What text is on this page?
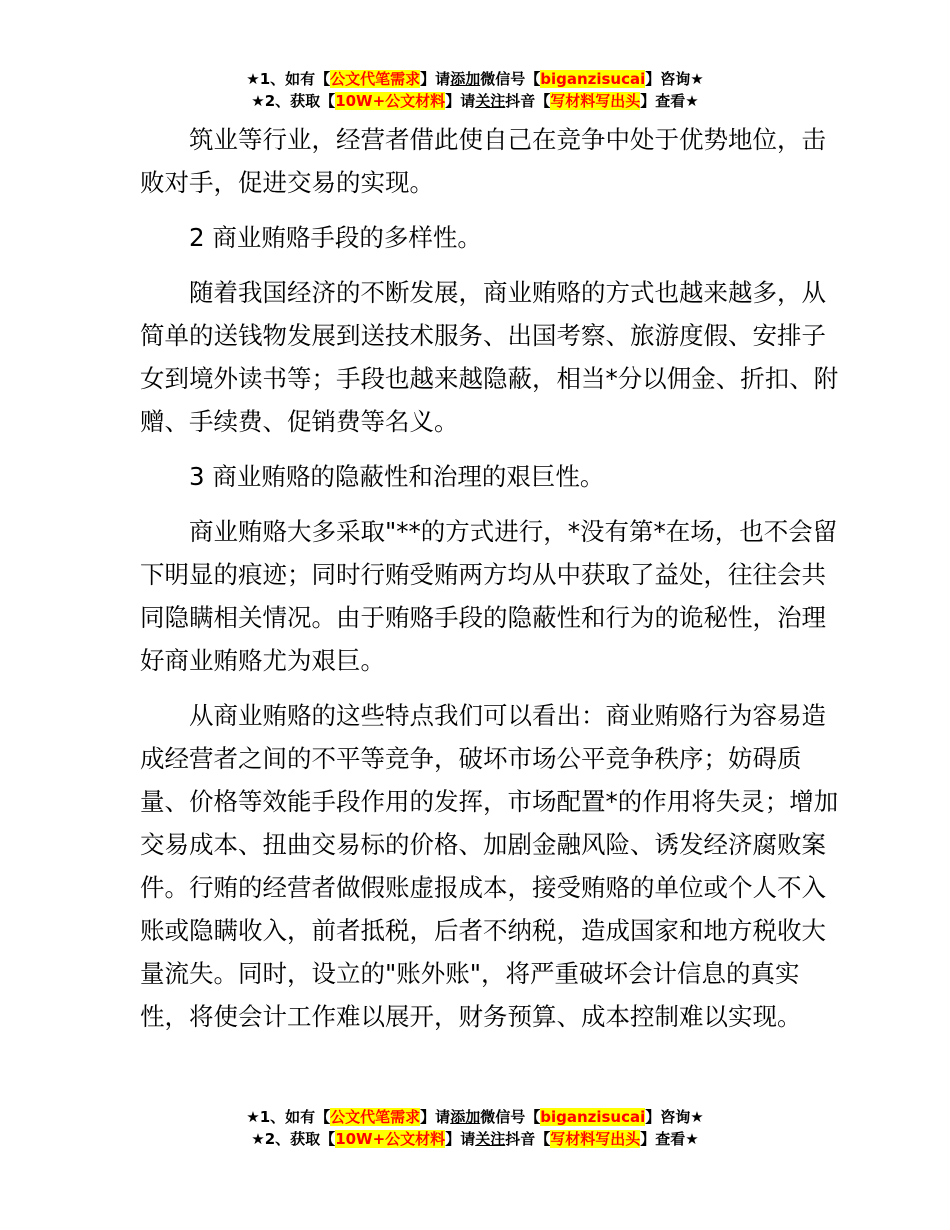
★1、如有【公文代笔需求】请添加微信号【biganzisucai】咨询★
★2、获取【10W+公文材料】请关注抖音【写材料写出头】查看★

筑业等行业，经营者借此使自己在竞争中处于优势地位，击败对手，促进交易的实现。

2 商业贿赂手段的多样性。

随着我国经济的不断发展，商业贿赂的方式也越来越多，从简单的送钱物发展到送技术服务、出国考察、旅游度假、安排子女到境外读书等；手段也越来越隐蔽，相当*分以佣金、折扣、附赠、手续费、促销费等名义。

3 商业贿赂的隐蔽性和治理的艰巨性。

商业贿赂大多采取"**的方式进行，*没有第*在场，也不会留下明显的痕迹；同时行贿受贿两方均从中获取了益处，往往会共同隐瞒相关情况。由于贿赂手段的隐蔽性和行为的诡秘性，治理好商业贿赂尤为艰巨。

从商业贿赂的这些特点我们可以看出：商业贿赂行为容易造成经营者之间的不平等竞争，破坏市场公平竞争秩序；妨碍质量、价格等效能手段作用的发挥，市场配置*的作用将失灵；增加交易成本、扭曲交易标的价格、加剧金融风险、诱发经济腐败案件。行贿的经营者做假账虚报成本，接受贿赂的单位或个人不入账或隐瞒收入，前者抵税，后者不纳税，造成国家和地方税收大量流失。同时，设立的"账外账"，将严重破坏会计信息的真实性，将使会计工作难以展开，财务预算、成本控制难以实现。

★1、如有【公文代笔需求】请添加微信号【biganzisucai】咨询★
★2、获取【10W+公文材料】请关注抖音【写材料写出头】查看★
